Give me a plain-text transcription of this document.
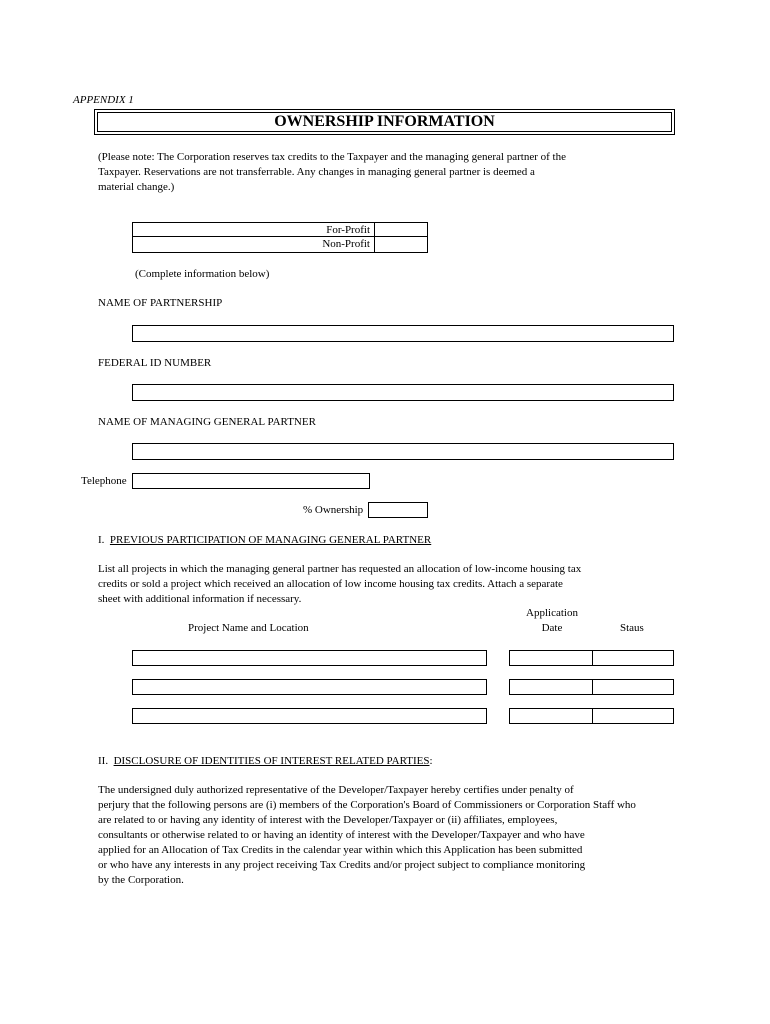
APPENDIX 1
OWNERSHIP INFORMATION
(Please note: The Corporation reserves tax credits to the Taxpayer and the managing general partner of the
Taxpayer. Reservations are not transferrable. Any changes in managing general partner is deemed a
material change.)
For-Profit
Non-Profit
(Complete information below)
NAME OF PARTNERSHIP
FEDERAL ID NUMBER
NAME OF MANAGING GENERAL PARTNER
Telephone
% Ownership
I. PREVIOUS PARTICIPATION OF MANAGING GENERAL PARTNER
List all projects in which the managing general partner has requested an allocation of low-income housing tax
credits or sold a project which received an allocation of low income housing tax credits. Attach a separate
sheet with additional information if necessary.
Project Name and Location
Application
Date	Staus
II. DISCLOSURE OF IDENTITIES OF INTEREST RELATED PARTIES:
The undersigned duly authorized representative of the Developer/Taxpayer hereby certifies under penalty of
perjury that the following persons are (i) members of the Corporation's Board of Commissioners or Corporation Staff who
are related to or having any identity of interest with the Developer/Taxpayer or (ii) affiliates, employees,
consultants or otherwise related to or having an identity of interest with the Developer/Taxpayer and who have
applied for an Allocation of Tax Credits in the calendar year within which this Application has been submitted
or who have any interests in any project receiving Tax Credits and/or project subject to compliance monitoring
by the Corporation.
